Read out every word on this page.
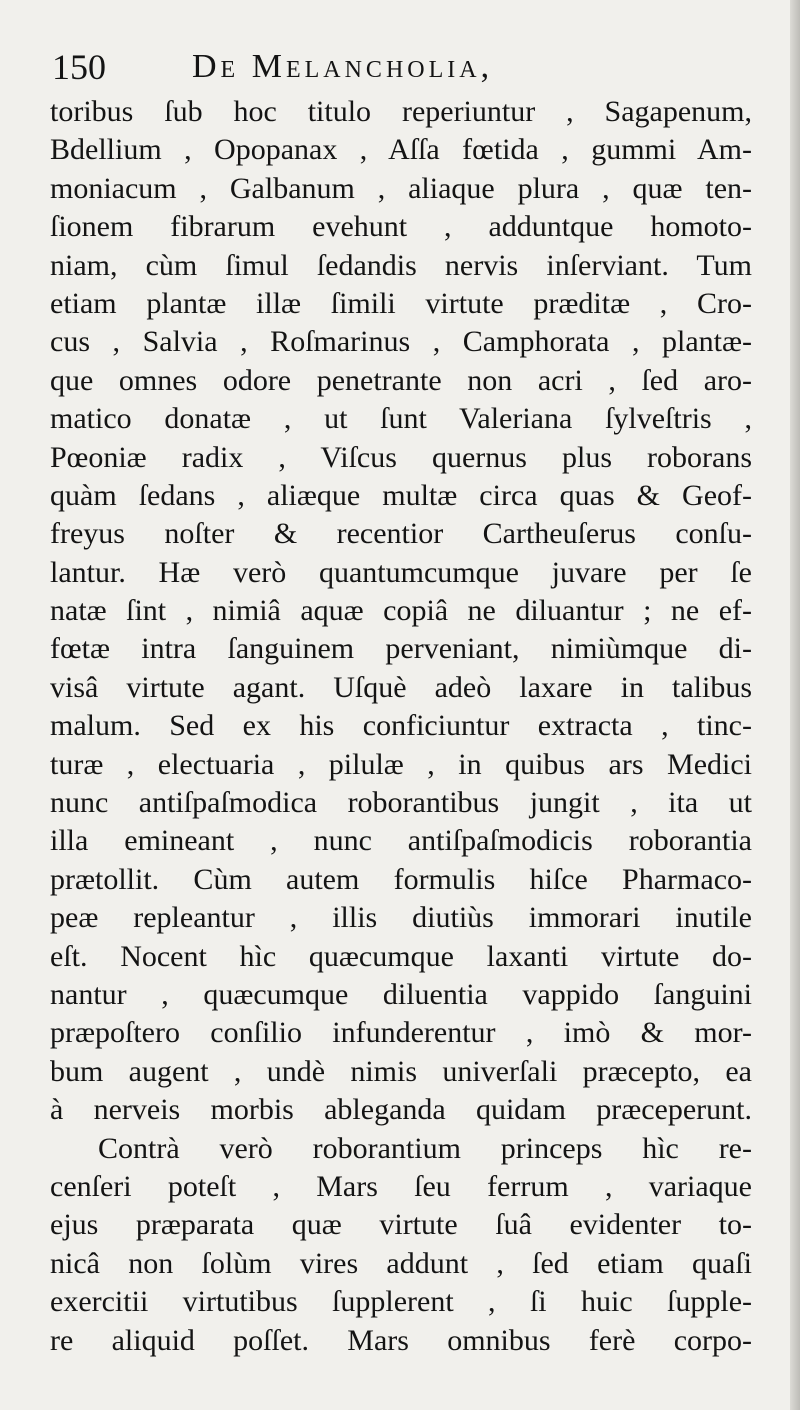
150	De Melancholia,
toribus ſub hoc titulo reperiuntur , Sagapenum,
Bdellium , Opopanax , Aſſa fœtida , gummi Am-
moniacum , Galbanum , aliaque plura , quæ ten-
ſionem fibrarum evehunt , adduntque homoto-
niam, cùm ſimul ſedandis nervis inſerviant. Tum
etiam plantæ illæ ſimili virtute præditæ , Cro-
cus , Salvia , Roſmarinus , Camphorata , plantæ-
que omnes odore penetrante non acri , ſed aro-
matico donatæ , ut ſunt Valeriana ſylveſtris ,
Pœoniæ radix , Viſcus quernus plus roborans
quàm ſedans , aliæque multæ circa quas & Geof-
freyus noſter & recentior Cartheuſerus conſu-
lantur. Hæ verò quantumcumque juvare per ſe
natæ ſint , nimiâ aquæ copiâ ne diluantur ; ne ef-
fœtæ intra ſanguinem perveniant, nimiùmque di-
visâ virtute agant. Uſquè adeò laxare in talibus
malum. Sed ex his conficiuntur extracta , tinc-
turæ , electuaria , pilulæ , in quibus ars Medici
nunc antiſpaſmodica roborantibus jungit , ita ut
illa emineant , nunc antiſpaſmodicis roborantia
prætollit. Cùm autem formulis hiſce Pharmaco-
peæ repleantur , illis diutiùs immorari inutile
eſt. Nocent hìc quæcumque laxanti virtute do-
nantur , quæcumque diluentia vappido ſanguini
præpoſtero conſilio infunderentur , imò & mor-
bum augent , undè nimis univerſali præcepto, ea
à nerveis morbis ableganda quidam præceperunt.
Contrà verò roborantium princeps hìc re-
cenſeri poteſt , Mars ſeu ferrum , variaque
ejus præparata quæ virtute ſuâ evidenter to-
nicâ non ſolùm vires addunt , ſed etiam quaſi
exercitii virtutibus ſupplerent , ſi huic ſupple-
re aliquid poſſet. Mars omnibus ferè corpo-
